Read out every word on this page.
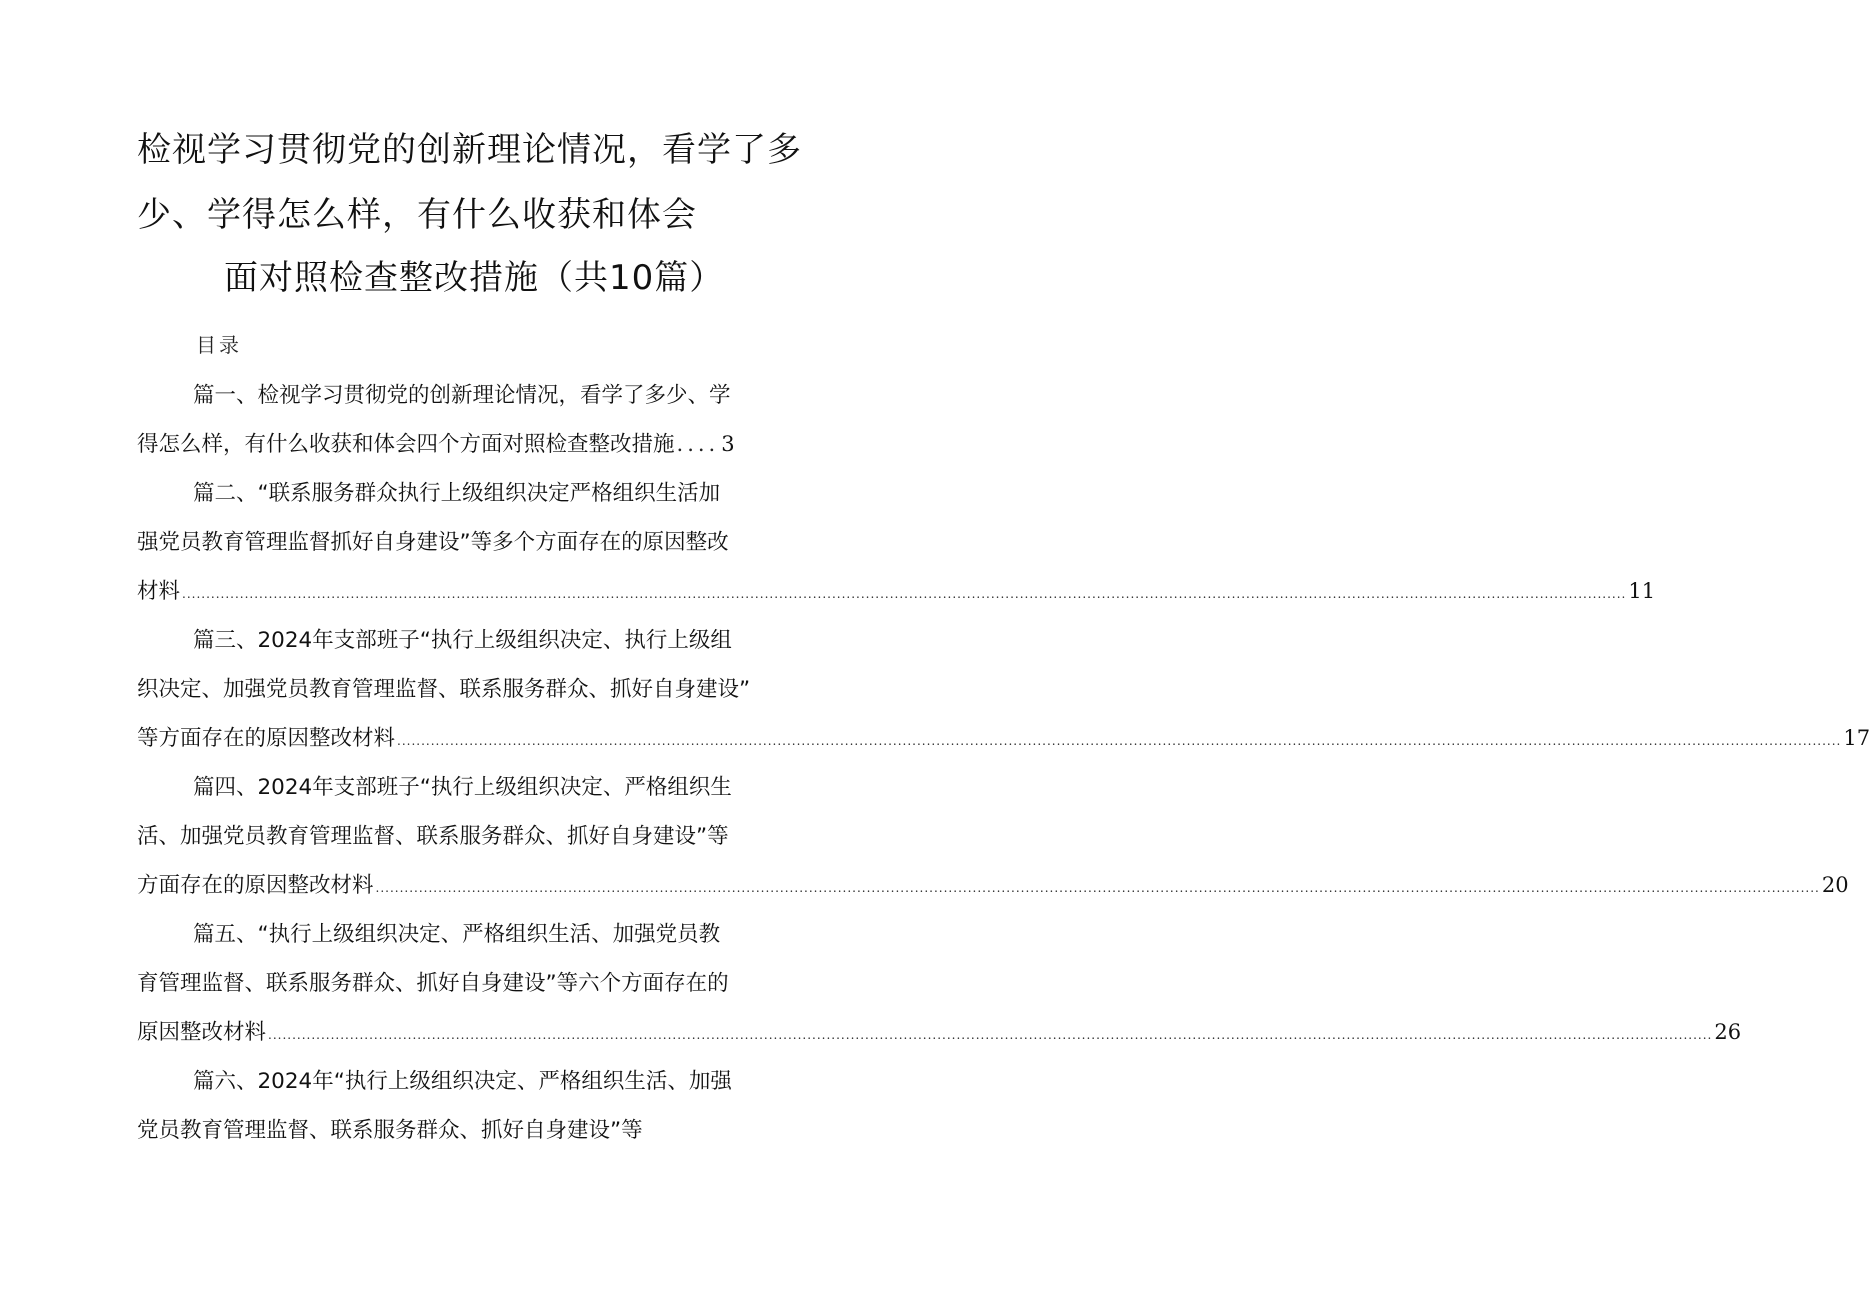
检视学习贯彻党的创新理论情况，看学了多
少、学得怎么样，有什么收获和体会
面对照检查整改措施（共10篇）
目录
篇一、检视学习贯彻党的创新理论情况，看学了多少、学
得怎么样，有什么收获和体会四个方面对照检查整改措施 .... 3
篇二、“联系服务群众执行上级组织决定严格组织生活加
强党员教育管理监督抓好自身建设”等多个方面存在的原因整改
材料 ............................................................................................................................................................................................................................................................................................................ 11
篇三、2024年支部班子“执行上级组织决定、执行上级组
织决定、加强党员教育管理监督、联系服务群众、抓好自身建设”
等方面存在的原因整改材料 ............................................................................................................................................................................................................................................................................................................ 17
篇四、2024年支部班子“执行上级组织决定、严格组织生
活、加强党员教育管理监督、联系服务群众、抓好自身建设”等
方面存在的原因整改材料 ............................................................................................................................................................................................................................................................................................................ 20
篇五、“执行上级组织决定、严格组织生活、加强党员教
育管理监督、联系服务群众、抓好自身建设”等六个方面存在的
原因整改材料 ............................................................................................................................................................................................................................................................................................................ 26
篇六、2024年“执行上级组织决定、严格组织生活、加强
党员教育管理监督、联系服务群众、抓好自身建设”等
